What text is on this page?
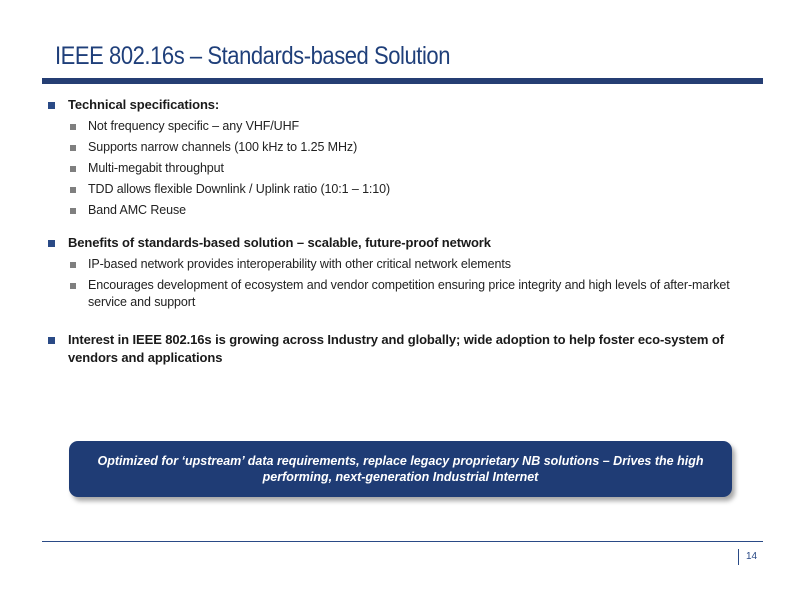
IEEE 802.16s – Standards-based Solution
Technical specifications:
Not frequency specific – any VHF/UHF
Supports narrow channels (100 kHz to 1.25 MHz)
Multi-megabit throughput
TDD allows flexible Downlink / Uplink ratio (10:1 – 1:10)
Band AMC Reuse
Benefits of standards-based solution – scalable, future-proof network
IP-based network provides interoperability with other critical network elements
Encourages development of ecosystem and vendor competition ensuring price integrity and high levels of after-market service and support
Interest in IEEE 802.16s is growing across Industry and globally; wide adoption to help foster eco-system of vendors and applications
Optimized for ‘upstream’ data requirements, replace legacy proprietary NB solutions – Drives the high performing, next-generation Industrial Internet
14
